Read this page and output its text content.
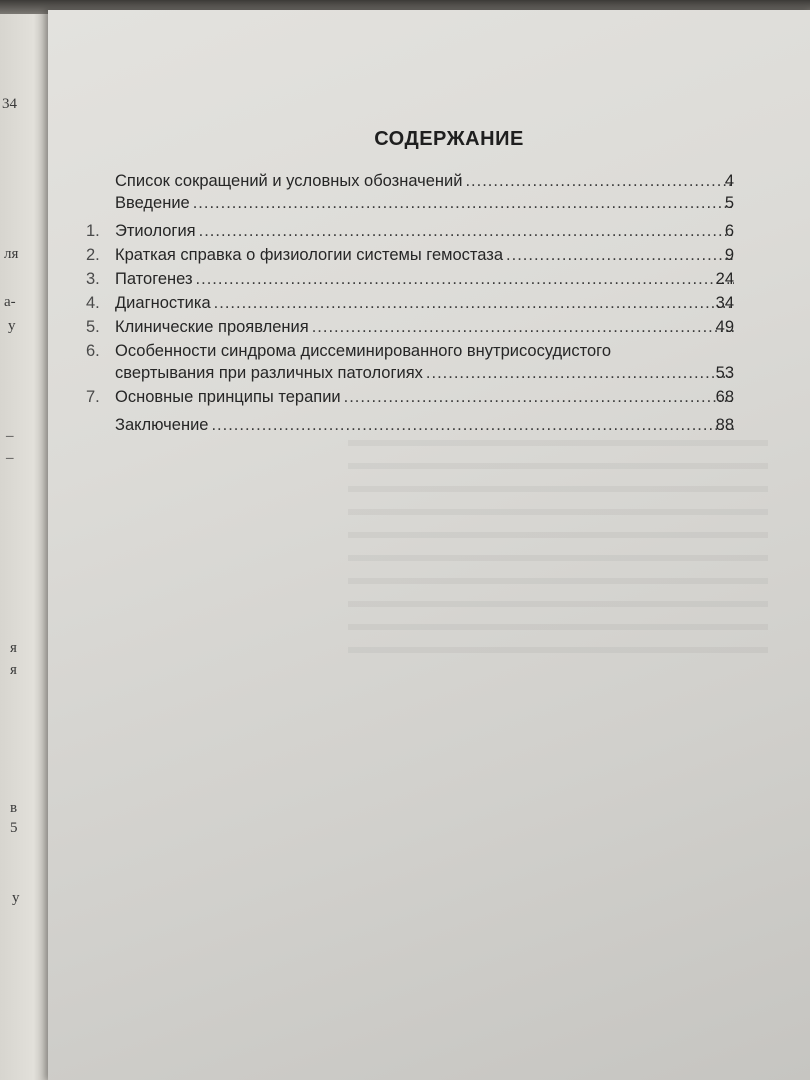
34
ля
а-
у
–
–
я
я
в
5
у
СОДЕРЖАНИЕ
Список сокращений и условных обозначений .....	4
Введение .....	5
1. Этиология .....	6
2. Краткая справка о физиологии системы гемостаза .....	9
3. Патогенез .....	24
4. Диагностика .....	34
5. Клинические проявления .....	49
6. Особенности синдрома диссеминированного внутрисосудистого
свертывания при различных патологиях .....	53
7. Основные принципы терапии .....	68
Заключение .....	88
